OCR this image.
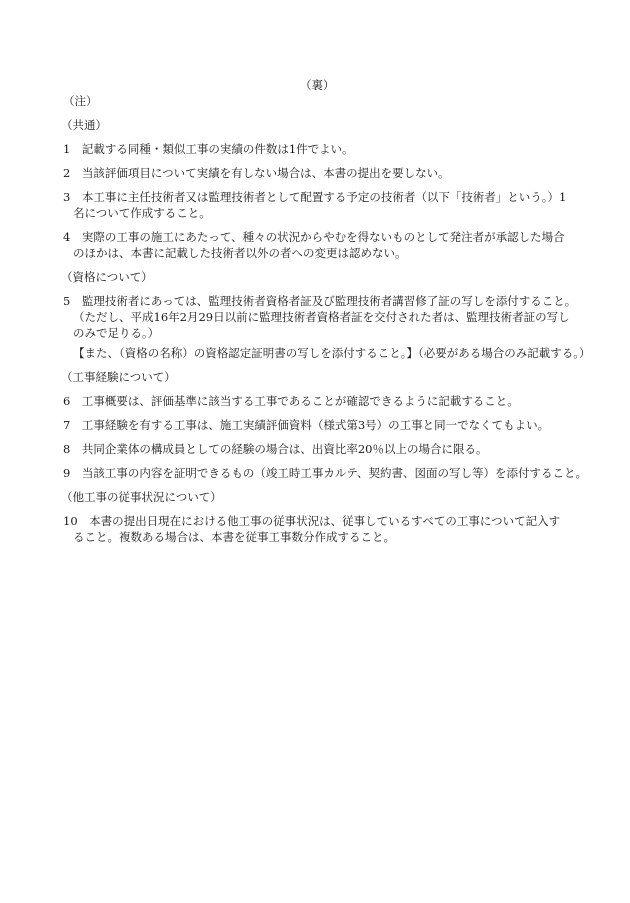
（裏）
（注）
（共通）
1　記載する同種・類似工事の実績の件数は1件でよい。
2　当該評価項目について実績を有しない場合は、本書の提出を要しない。
3　本工事に主任技術者又は監理技術者として配置する予定の技術者（以下「技術者」という。）1
名について作成すること。
4　実際の工事の施工にあたって、種々の状況からやむを得ないものとして発注者が承認した場合
のほかは、本書に記載した技術者以外の者への変更は認めない。
（資格について）
5　監理技術者にあっては、監理技術者資格者証及び監理技術者講習修了証の写しを添付すること。
（ただし、平成16年2月29日以前に監理技術者資格者証を交付された者は、監理技術者証の写し
のみで足りる。）
【また、（資格の名称）の資格認定証明書の写しを添付すること。】（必要がある場合のみ記載する。）
（工事経験について）
6　工事概要は、評価基準に該当する工事であることが確認できるように記載すること。
7　工事経験を有する工事は、施工実績評価資料（様式第3号）の工事と同一でなくてもよい。
8　共同企業体の構成員としての経験の場合は、出資比率20％以上の場合に限る。
9　当該工事の内容を証明できるもの（竣工時工事カルテ、契約書、図面の写し等）を添付すること。
（他工事の従事状況について）
10　本書の提出日現在における他工事の従事状況は、従事しているすべての工事について記入す
ること。複数ある場合は、本書を従事工事数分作成すること。
